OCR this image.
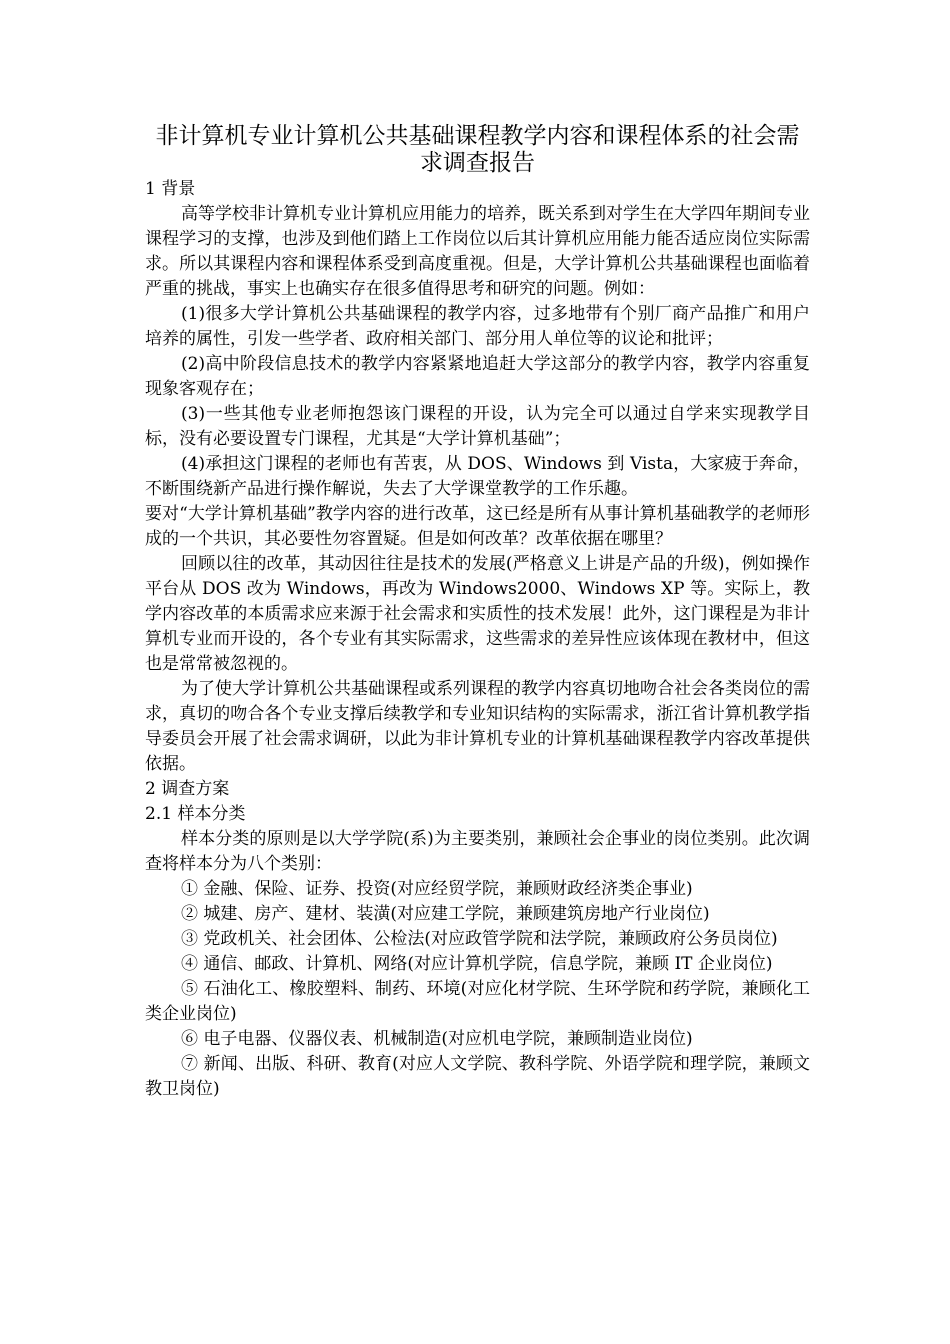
非计算机专业计算机公共基础课程教学内容和课程体系的社会需求调查报告

1 背景

高等学校非计算机专业计算机应用能力的培养，既关系到对学生在大学四年期间专业课程学习的支撑，也涉及到他们踏上工作岗位以后其计算机应用能力能否适应岗位实际需求。所以其课程内容和课程体系受到高度重视。但是，大学计算机公共基础课程也面临着严重的挑战，事实上也确实存在很多值得思考和研究的问题。例如：

(1)很多大学计算机公共基础课程的教学内容，过多地带有个别厂商产品推广和用户培养的属性，引发一些学者、政府相关部门、部分用人单位等的议论和批评；

(2)高中阶段信息技术的教学内容紧紧地追赶大学这部分的教学内容，教学内容重复现象客观存在；

(3)一些其他专业老师抱怨该门课程的开设，认为完全可以通过自学来实现教学目标，没有必要设置专门课程，尤其是“大学计算机基础”；

(4)承担这门课程的老师也有苦衷，从 DOS、Windows 到 Vista，大家疲于奔命，不断围绕新产品进行操作解说，失去了大学课堂教学的工作乐趣。

要对“大学计算机基础”教学内容的进行改革，这已经是所有从事计算机基础教学的老师形成的一个共识，其必要性勿容置疑。但是如何改革？改革依据在哪里？

回顾以往的改革，其动因往往是技术的发展(严格意义上讲是产品的升级)，例如操作平台从 DOS 改为 Windows，再改为 Windows2000、Windows XP 等。实际上，教学内容改革的本质需求应来源于社会需求和实质性的技术发展！此外，这门课程是为非计算机专业而开设的，各个专业有其实际需求，这些需求的差异性应该体现在教材中，但这也是常常被忽视的。

为了使大学计算机公共基础课程或系列课程的教学内容真切地吻合社会各类岗位的需求，真切的吻合各个专业支撑后续教学和专业知识结构的实际需求，浙江省计算机教学指导委员会开展了社会需求调研，以此为非计算机专业的计算机基础课程教学内容改革提供依据。

2 调查方案

2.1 样本分类

样本分类的原则是以大学学院(系)为主要类别，兼顾社会企事业的岗位类别。此次调查将样本分为八个类别：

① 金融、保险、证券、投资(对应经贸学院，兼顾财政经济类企事业)

② 城建、房产、建材、装潢(对应建工学院，兼顾建筑房地产行业岗位)

③ 党政机关、社会团体、公检法(对应政管学院和法学院，兼顾政府公务员岗位)

④ 通信、邮政、计算机、网络(对应计算机学院，信息学院，兼顾 IT 企业岗位)

⑤ 石油化工、橡胶塑料、制药、环境(对应化材学院、生环学院和药学院，兼顾化工类企业岗位)

⑥ 电子电器、仪器仪表、机械制造(对应机电学院，兼顾制造业岗位)

⑦ 新闻、出版、科研、教育(对应人文学院、教科学院、外语学院和理学院，兼顾文教卫岗位)
